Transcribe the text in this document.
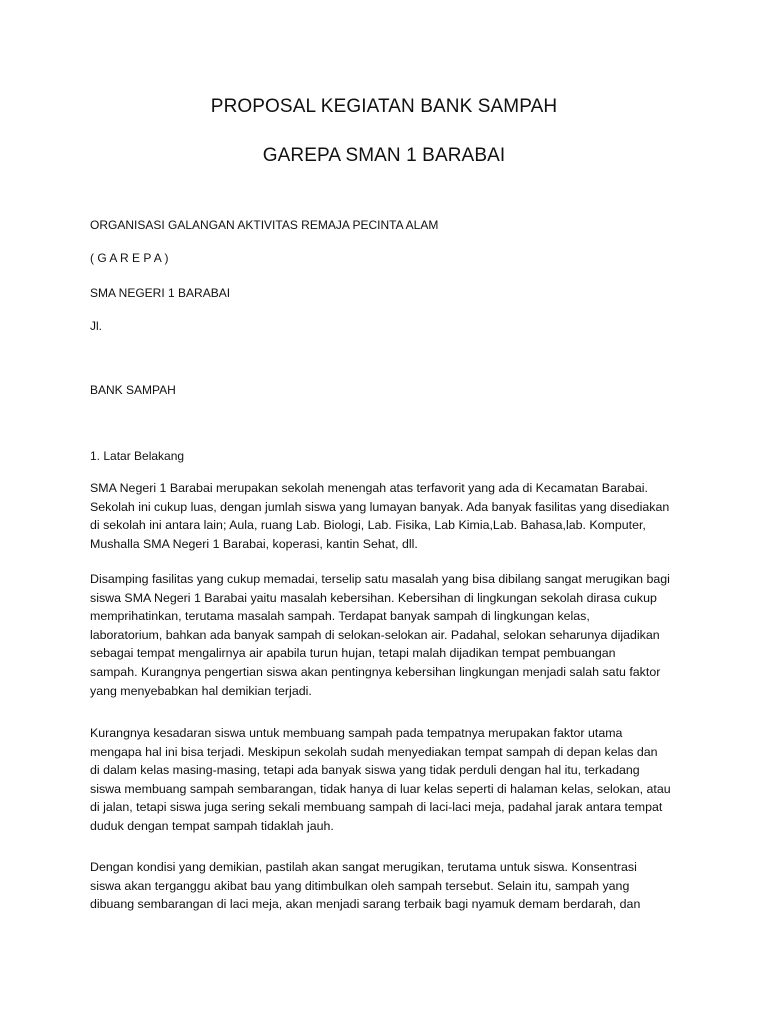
PROPOSAL KEGIATAN BANK SAMPAH
GAREPA SMAN 1 BARABAI
ORGANISASI GALANGAN AKTIVITAS REMAJA PECINTA ALAM
( G A R E P A )
SMA NEGERI 1 BARABAI
Jl.
BANK SAMPAH
1. Latar Belakang
SMA Negeri 1 Barabai merupakan sekolah menengah atas terfavorit yang ada di Kecamatan Barabai.
Sekolah ini cukup luas, dengan jumlah siswa yang lumayan banyak. Ada banyak fasilitas yang disediakan
di sekolah ini antara lain; Aula, ruang Lab. Biologi, Lab. Fisika, Lab Kimia,Lab. Bahasa,lab. Komputer,
Mushalla SMA Negeri 1 Barabai, koperasi, kantin Sehat, dll.
Disamping fasilitas yang cukup memadai, terselip satu masalah yang bisa dibilang sangat merugikan bagi
siswa SMA Negeri 1 Barabai yaitu masalah kebersihan. Kebersihan di lingkungan sekolah dirasa cukup
memprihatinkan, terutama masalah sampah. Terdapat banyak sampah di lingkungan kelas,
laboratorium, bahkan ada banyak sampah di selokan-selokan air. Padahal, selokan seharunya dijadikan
sebagai tempat mengalirnya air apabila turun hujan, tetapi malah dijadikan tempat pembuangan
sampah. Kurangnya pengertian siswa akan pentingnya kebersihan lingkungan menjadi salah satu faktor
yang menyebabkan hal demikian terjadi.
Kurangnya kesadaran siswa untuk membuang sampah pada tempatnya merupakan faktor utama
mengapa hal ini bisa terjadi. Meskipun sekolah sudah menyediakan tempat sampah di depan kelas dan
di dalam kelas masing-masing, tetapi ada banyak siswa yang tidak perduli dengan hal itu, terkadang
siswa membuang sampah sembarangan, tidak hanya di luar kelas seperti di halaman kelas, selokan, atau
di jalan, tetapi siswa juga sering sekali membuang sampah di laci-laci meja, padahal jarak antara tempat
duduk dengan tempat sampah tidaklah jauh.
Dengan kondisi yang demikian, pastilah akan sangat merugikan, terutama untuk siswa. Konsentrasi
siswa akan terganggu akibat bau yang ditimbulkan oleh sampah tersebut. Selain itu, sampah yang
dibuang sembarangan di laci meja, akan menjadi sarang terbaik bagi nyamuk demam berdarah, dan
